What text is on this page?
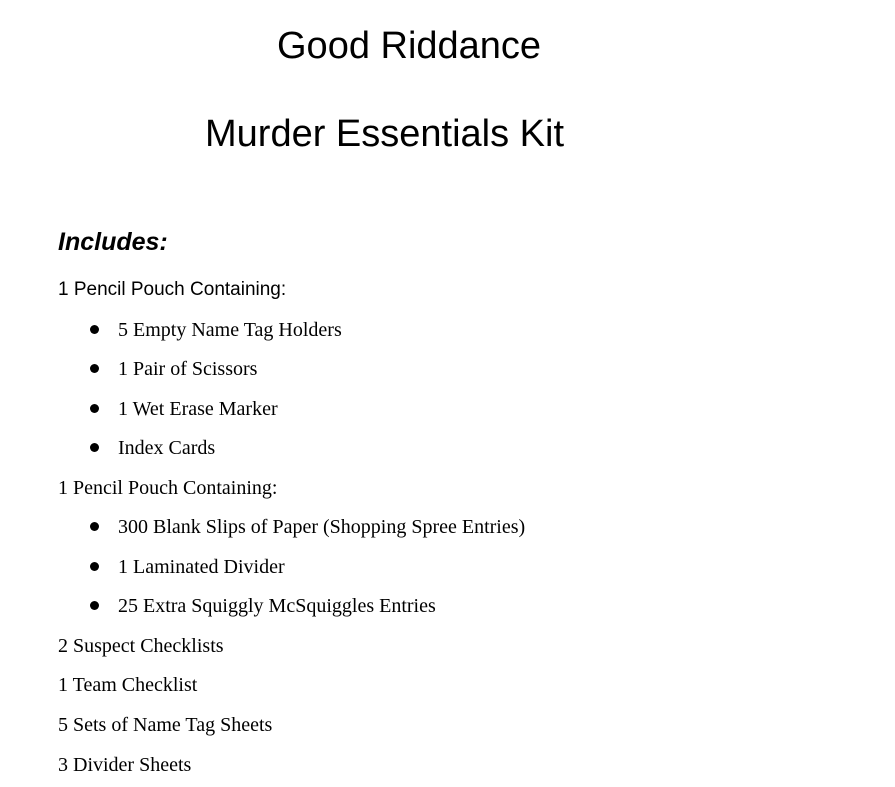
Good Riddance
Murder Essentials Kit
Includes:
1 Pencil Pouch Containing:
5 Empty Name Tag Holders
1 Pair of Scissors
1 Wet Erase Marker
Index Cards
1 Pencil Pouch Containing:
300 Blank Slips of Paper (Shopping Spree Entries)
1 Laminated Divider
25 Extra Squiggly McSquiggles Entries
2 Suspect Checklists
1 Team Checklist
5 Sets of Name Tag Sheets
3 Divider Sheets
